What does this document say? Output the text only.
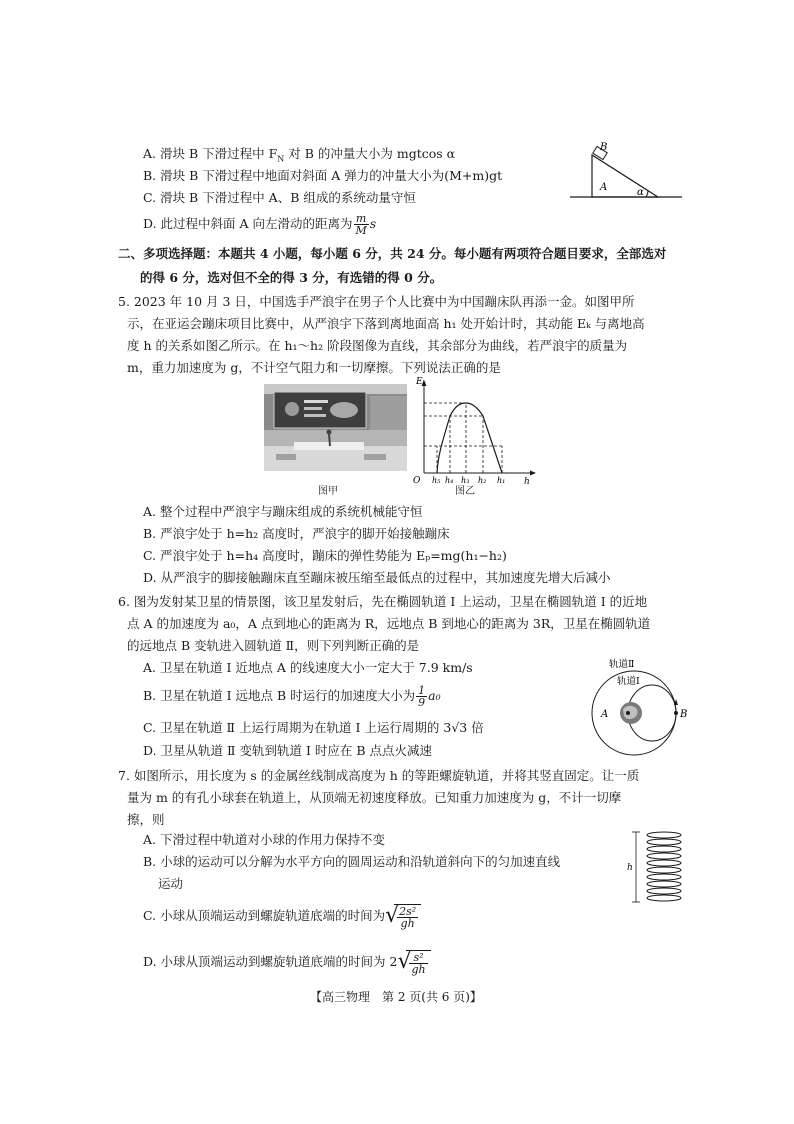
A. 滑块 B 下滑过程中 $F_N$ 对 B 的冲量大小为 mgtcos α
B. 滑块 B 下滑过程中地面对斜面 A 弹力的冲量大小为(M+m)gt
C. 滑块 B 下滑过程中 A、B 组成的系统动量守恒
D. 此过程中斜面 A 向左滑动的距离为 $\frac{m}{M}$ s
B
A	α
二、多项选择题：本题共 4 小题，每小题 6 分，共 24 分。每小题有两项符合题目要求，全部选对
的得 6 分，选对但不全的得 3 分，有选错的得 0 分。
5. 2023 年 10 月 3 日，中国选手严浪宇在男子个人比赛中为中国蹦床队再添一金。如图甲所
示，在亚运会蹦床项目比赛中，从严浪宇下落到离地面高 h₁ 处开始计时，其动能 Eₖ 与离地高
度 h 的关系如图乙所示。在 h₁～h₂ 阶段图像为直线，其余部分为曲线，若严浪宇的质量为
m，重力加速度为 g，不计空气阻力和一切摩擦。下列说法正确的是
图甲
Eₖ
h
O h₅ h₄ h₃ h₂ h₁
图乙
A. 整个过程中严浪宇与蹦床组成的系统机械能守恒
B. 严浪宇处于 h=h₂ 高度时，严浪宇的脚开始接触蹦床
C. 严浪宇处于 h=h₄ 高度时，蹦床的弹性势能为 Eₚ=mg(h₁−h₂)
D. 从严浪宇的脚接触蹦床直至蹦床被压缩至最低点的过程中，其加速度先增大后减小
6. 图为发射某卫星的情景图，该卫星发射后，先在椭圆轨道 Ⅰ 上运动，卫星在椭圆轨道 Ⅰ 的近地
点 A 的加速度为 a₀，A 点到地心的距离为 R，远地点 B 到地心的距离为 3R，卫星在椭圆轨道
的远地点 B 变轨进入圆轨道 Ⅱ，则下列判断正确的是
A. 卫星在轨道 Ⅰ 近地点 A 的线速度大小一定大于 7.9 km/s
B. 卫星在轨道 Ⅰ 远地点 B 时运行的加速度大小为 $\frac{1}{9} a_0$
C. 卫星在轨道 Ⅱ 上运行周期为在轨道 Ⅰ 上运行周期的 3√3 倍
D. 卫星从轨道 Ⅱ 变轨到轨道 Ⅰ 时应在 B 点点火减速
轨道Ⅱ
轨道Ⅰ
A	B
7. 如图所示，用长度为 s 的金属丝线制成高度为 h 的等距螺旋轨道，并将其竖直固定。让一质
量为 m 的有孔小球套在轨道上，从顶端无初速度释放。已知重力加速度为 g，不计一切摩
擦，则
A. 下滑过程中轨道对小球的作用力保持不变
B. 小球的运动可以分解为水平方向的圆周运动和沿轨道斜向下的匀加速直线
运动
C. 小球从顶端运动到螺旋轨道底端的时间为 √
$\frac{\text{2s²}}{gh}$
D. 小球从顶端运动到螺旋轨道底端的时间为 2 √
$\frac{\text{s²}}{gh}$
h
【高三物理　第 2 页(共 6 页)】
